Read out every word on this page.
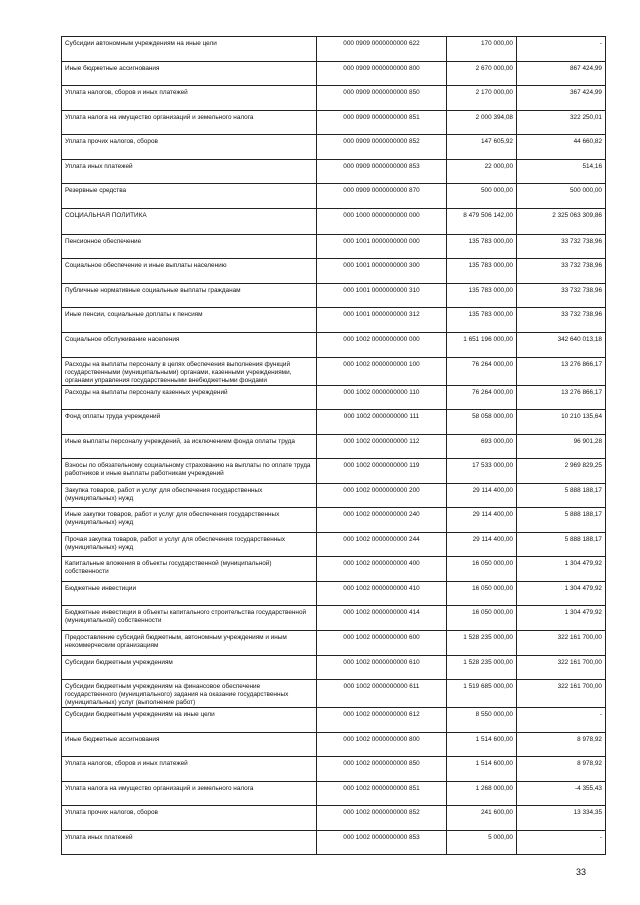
Субсидии автономным учреждениям на иные цели	000 0909 0000000000 622	170 000,00	-
Иные бюджетные ассигнования	000 0909 0000000000 800	2 670 000,00	867 424,99
Уплата налогов, сборов и иных платежей	000 0909 0000000000 850	2 170 000,00	367 424,99
Уплата налога на имущество организаций и земельного налога	000 0909 0000000000 851	2 000 394,08	322 250,01
Уплата прочих налогов, сборов	000 0909 0000000000 852	147 605,92	44 660,82
Уплата иных платежей	000 0909 0000000000 853	22 000,00	514,16
Резервные средства	000 0909 0000000000 870	500 000,00	500 000,00
СОЦИАЛЬНАЯ ПОЛИТИКА	000 1000 0000000000 000	8 479 506 142,00	2 325 063 309,86
Пенсионное обеспечение	000 1001 0000000000 000	135 783 000,00	33 732 738,96
Социальное обеспечение и иные выплаты населению	000 1001 0000000000 300	135 783 000,00	33 732 738,96
Публичные нормативные социальные выплаты гражданам	000 1001 0000000000 310	135 783 000,00	33 732 738,96
Иные пенсии, социальные доплаты к пенсиям	000 1001 0000000000 312	135 783 000,00	33 732 738,96
Социальное обслуживание населения	000 1002 0000000000 000	1 651 196 000,00	342 640 013,18
Расходы на выплаты персоналу в целях обеспечения выполнения функций государственными (муниципальными) органами, казенными учреждениями, органами управления государственными внебюджетными фондами	000 1002 0000000000 100	76 264 000,00	13 276 866,17
Расходы на выплаты персоналу казенных учреждений	000 1002 0000000000 110	76 264 000,00	13 276 866,17
Фонд оплаты труда учреждений	000 1002 0000000000 111	58 058 000,00	10 210 135,64
Иные выплаты персоналу учреждений, за исключением фонда оплаты труда	000 1002 0000000000 112	693 000,00	96 901,28
Взносы по обязательному социальному страхованию на выплаты по оплате труда работников и иные выплаты работникам учреждений	000 1002 0000000000 119	17 533 000,00	2 969 829,25
Закупка товаров, работ и услуг для обеспечения государственных (муниципальных) нужд	000 1002 0000000000 200	29 114 400,00	5 888 188,17
Иные закупки товаров, работ и услуг для обеспечения государственных (муниципальных) нужд	000 1002 0000000000 240	29 114 400,00	5 888 188,17
Прочая закупка товаров, работ и услуг для обеспечения государственных (муниципальных) нужд	000 1002 0000000000 244	29 114 400,00	5 888 188,17
Капитальные вложения в объекты государственной (муниципальной) собственности	000 1002 0000000000 400	16 050 000,00	1 304 479,92
Бюджетные инвестиции	000 1002 0000000000 410	16 050 000,00	1 304 479,92
Бюджетные инвестиции в объекты капитального строительства государственной (муниципальной) собственности	000 1002 0000000000 414	16 050 000,00	1 304 479,92
Предоставление субсидий бюджетным, автономным учреждениям и иным некоммерческим организациям	000 1002 0000000000 600	1 528 235 000,00	322 161 700,00
Субсидии бюджетным учреждениям	000 1002 0000000000 610	1 528 235 000,00	322 161 700,00
Субсидии бюджетным учреждениям на финансовое обеспечение государственного (муниципального) задания на оказание государственных (муниципальных) услуг (выполнение работ)	000 1002 0000000000 611	1 519 685 000,00	322 161 700,00
Субсидии бюджетным учреждениям на иные цели	000 1002 0000000000 612	8 550 000,00	-
Иные бюджетные ассигнования	000 1002 0000000000 800	1 514 600,00	8 978,92
Уплата налогов, сборов и иных платежей	000 1002 0000000000 850	1 514 600,00	8 978,92
Уплата налога на имущество организаций и земельного налога	000 1002 0000000000 851	1 268 000,00	-4 355,43
Уплата прочих налогов, сборов	000 1002 0000000000 852	241 600,00	13 334,35
Уплата иных платежей	000 1002 0000000000 853	5 000,00	-
33
